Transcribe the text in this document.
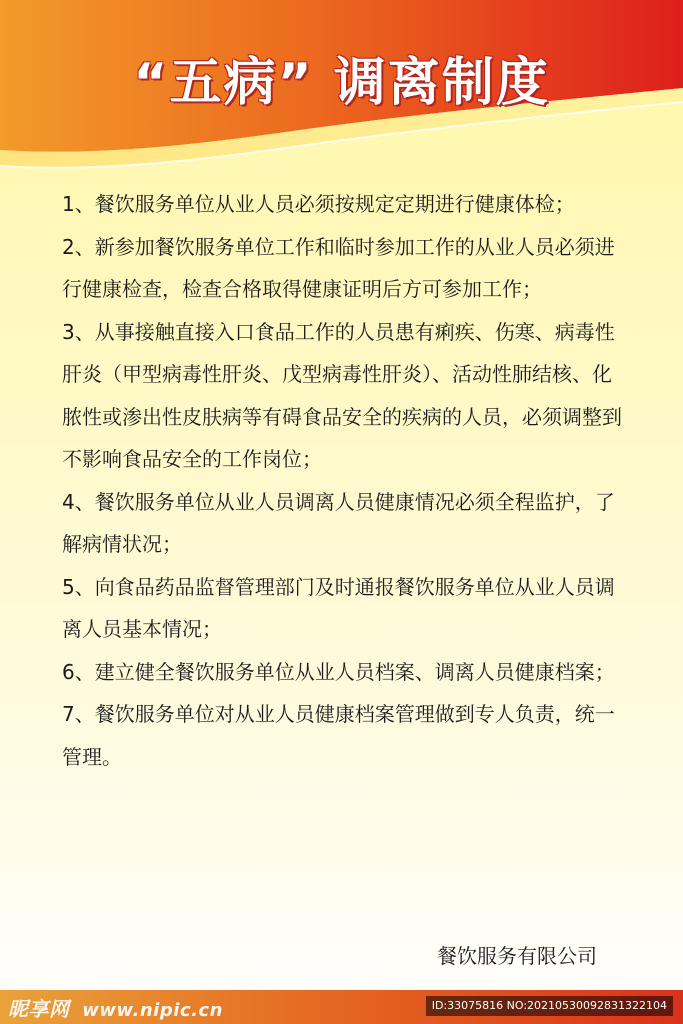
“五病” 调离制度

1、餐饮服务单位从业人员必须按规定定期进行健康体检；

2、新参加餐饮服务单位工作和临时参加工作的从业人员必须进行健康检查，检查合格取得健康证明后方可参加工作；

3、从事接触直接入口食品工作的人员患有痢疾、伤寒、病毒性肝炎（甲型病毒性肝炎、戊型病毒性肝炎）、活动性肺结核、化脓性或渗出性皮肤病等有碍食品安全的疾病的人员，必须调整到不影响食品安全的工作岗位；

4、餐饮服务单位从业人员调离人员健康情况必须全程监护，了解病情状况；

5、向食品药品监督管理部门及时通报餐饮服务单位从业人员调离人员基本情况；

6、建立健全餐饮服务单位从业人员档案、调离人员健康档案；

7、餐饮服务单位对从业人员健康档案管理做到专人负责，统一管理。

餐饮服务有限公司
昵享网 www.nipic.cn	ID:33075816 NO:20210530092831322104
